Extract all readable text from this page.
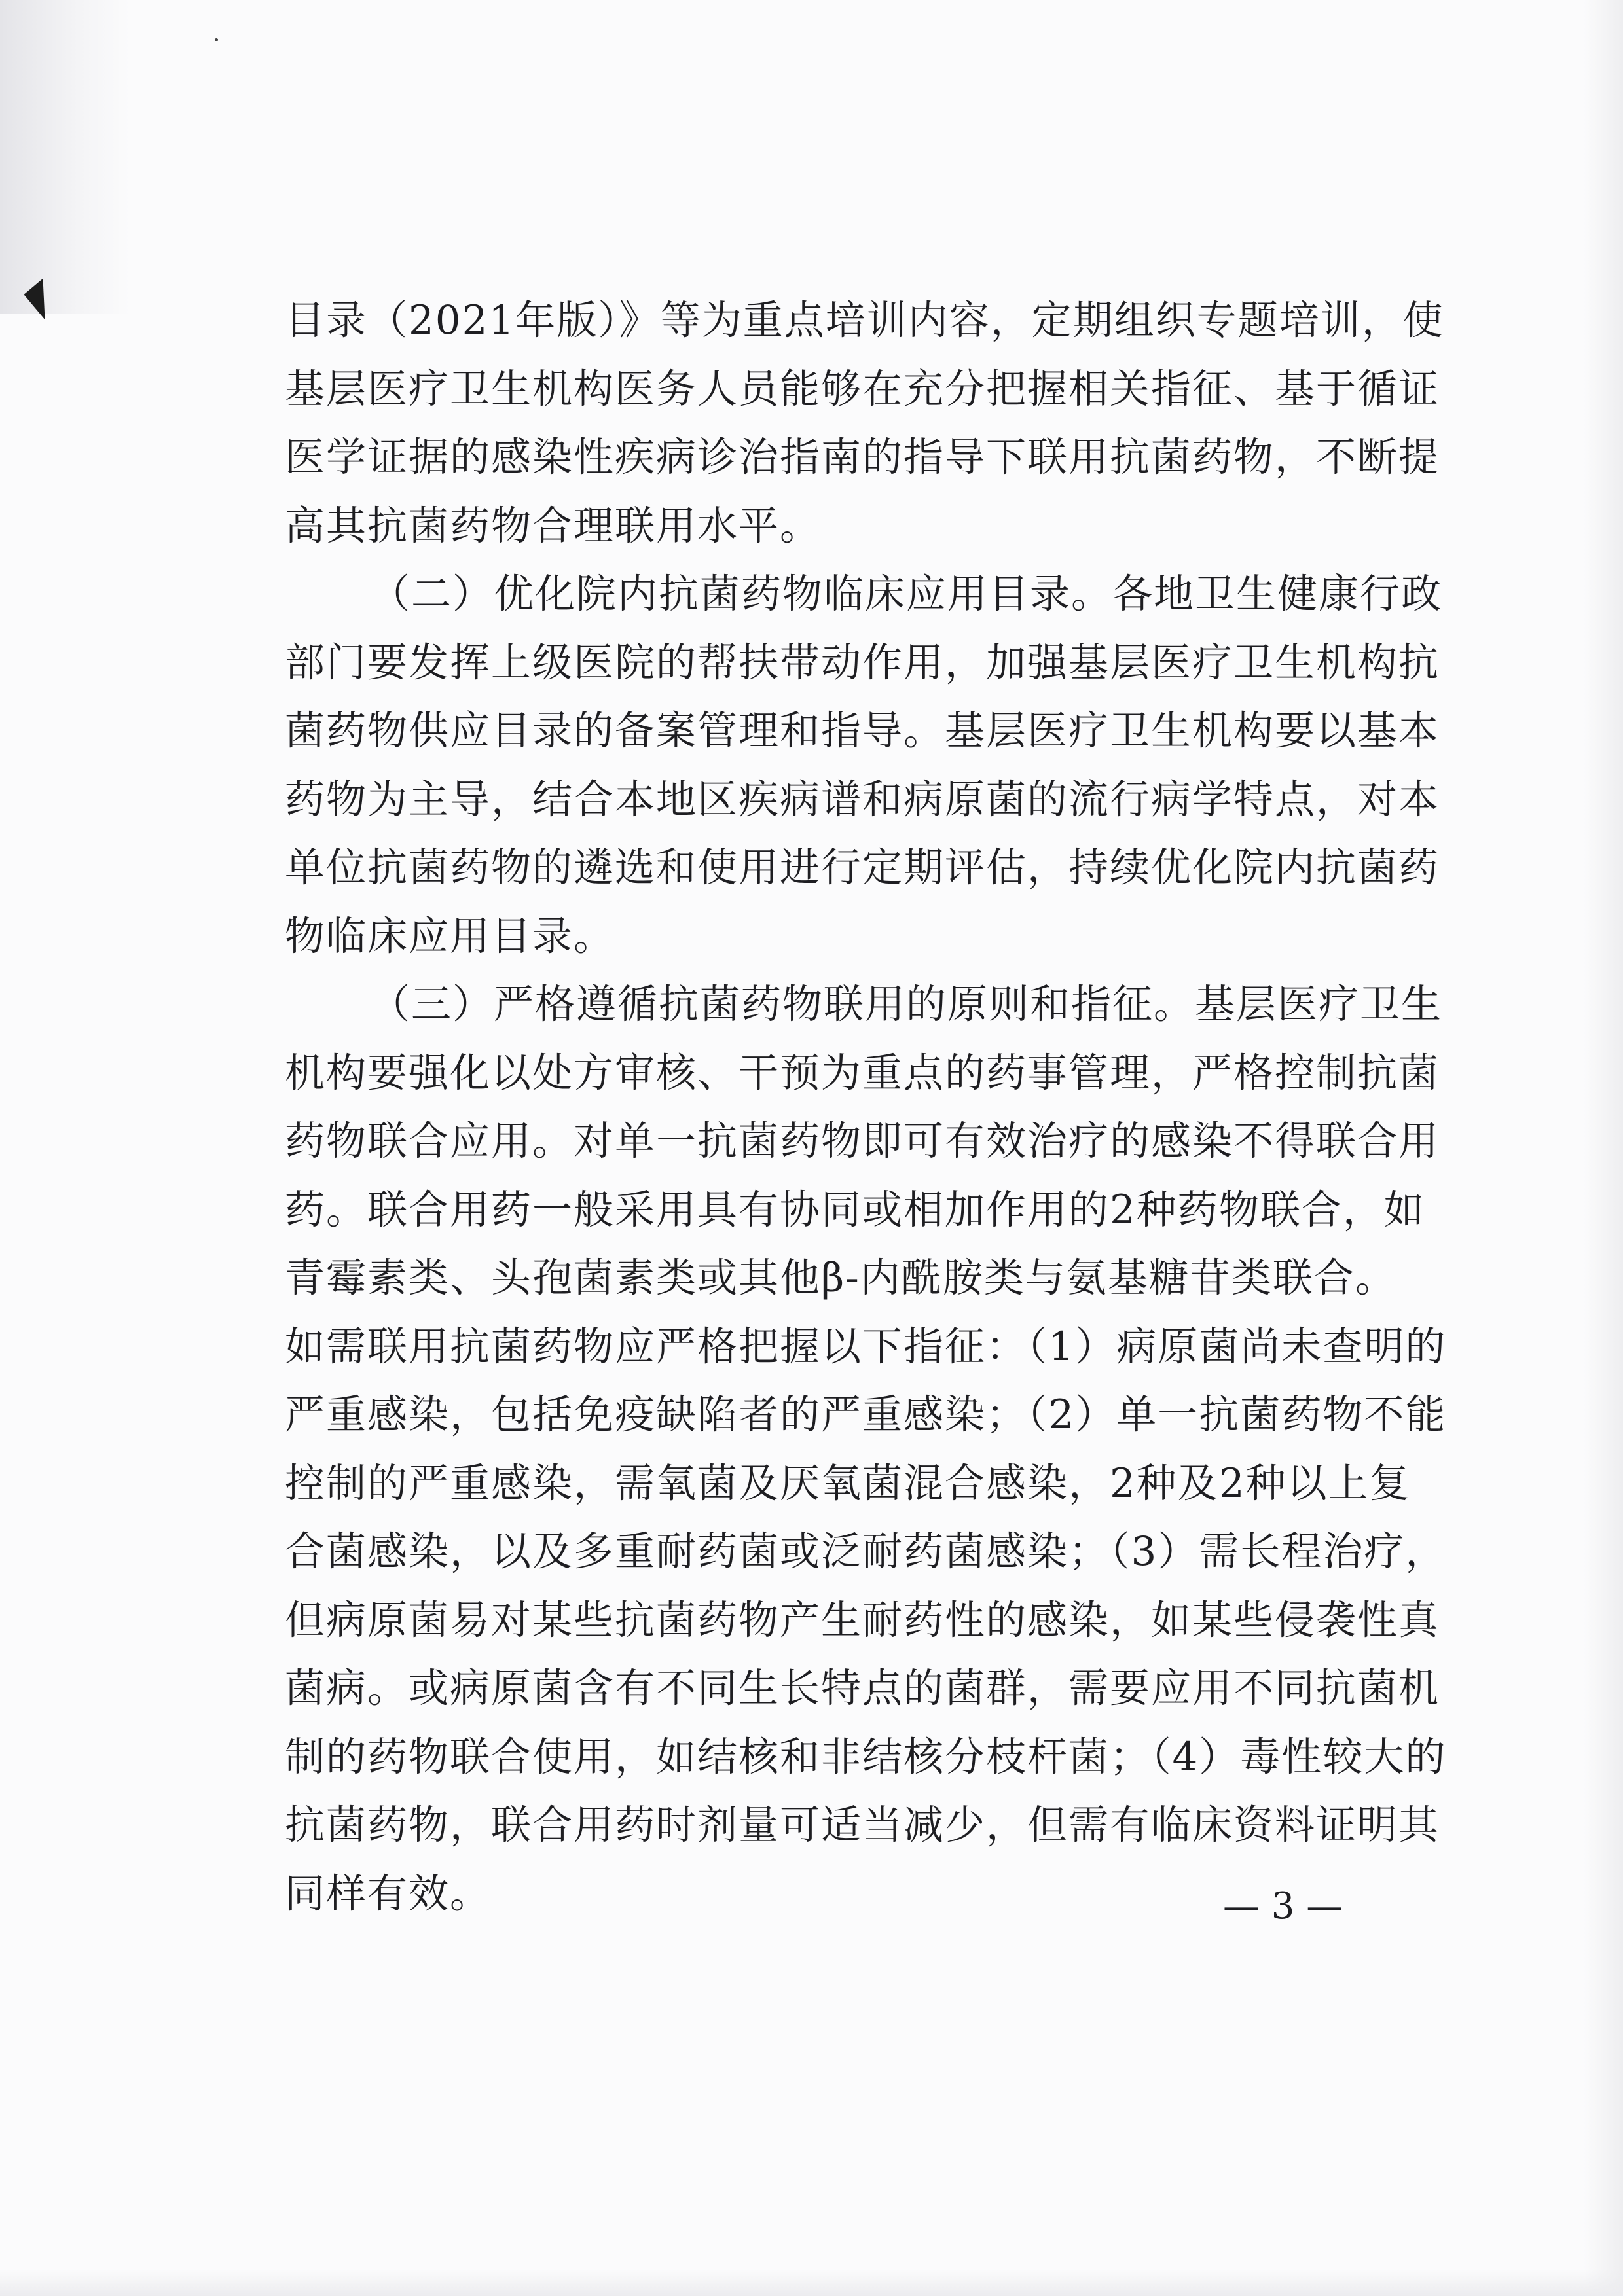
目录（2021年版）》等为重点培训内容，定期组织专题培训，使
基层医疗卫生机构医务人员能够在充分把握相关指征、基于循证
医学证据的感染性疾病诊治指南的指导下联用抗菌药物，不断提
高其抗菌药物合理联用水平。
（二）优化院内抗菌药物临床应用目录。各地卫生健康行政
部门要发挥上级医院的帮扶带动作用，加强基层医疗卫生机构抗
菌药物供应目录的备案管理和指导。基层医疗卫生机构要以基本
药物为主导，结合本地区疾病谱和病原菌的流行病学特点，对本
单位抗菌药物的遴选和使用进行定期评估，持续优化院内抗菌药
物临床应用目录。
（三）严格遵循抗菌药物联用的原则和指征。基层医疗卫生
机构要强化以处方审核、干预为重点的药事管理，严格控制抗菌
药物联合应用。对单一抗菌药物即可有效治疗的感染不得联合用
药。联合用药一般采用具有协同或相加作用的2种药物联合，如
青霉素类、头孢菌素类或其他β-内酰胺类与氨基糖苷类联合。
如需联用抗菌药物应严格把握以下指征：（1）病原菌尚未查明的
严重感染，包括免疫缺陷者的严重感染；（2）单一抗菌药物不能
控制的严重感染，需氧菌及厌氧菌混合感染，2种及2种以上复
合菌感染，以及多重耐药菌或泛耐药菌感染；（3）需长程治疗，
但病原菌易对某些抗菌药物产生耐药性的感染，如某些侵袭性真
菌病。或病原菌含有不同生长特点的菌群，需要应用不同抗菌机
制的药物联合使用，如结核和非结核分枝杆菌；（4）毒性较大的
抗菌药物，联合用药时剂量可适当减少，但需有临床资料证明其
同样有效。	— 3 —
